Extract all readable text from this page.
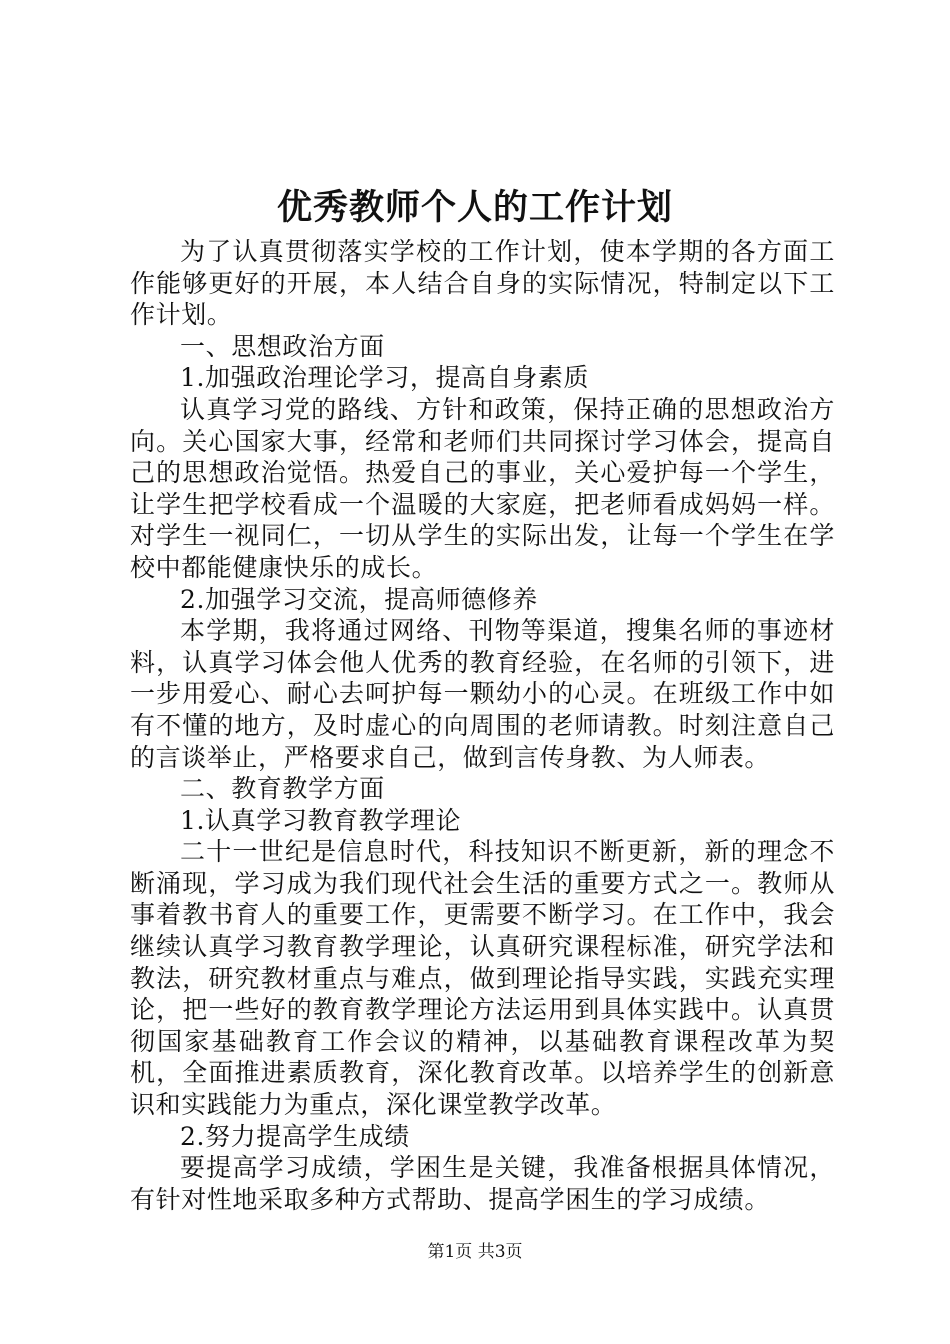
优秀教师个人的工作计划

为了认真贯彻落实学校的工作计划，使本学期的各方面工作能够更好的开展，本人结合自身的实际情况，特制定以下工作计划。

一、思想政治方面

1.加强政治理论学习，提高自身素质

认真学习党的路线、方针和政策，保持正确的思想政治方向。关心国家大事，经常和老师们共同探讨学习体会，提高自己的思想政治觉悟。热爱自己的事业，关心爱护每一个学生，让学生把学校看成一个温暖的大家庭，把老师看成妈妈一样。对学生一视同仁，一切从学生的实际出发，让每一个学生在学校中都能健康快乐的成长。

2.加强学习交流，提高师德修养

本学期，我将通过网络、刊物等渠道，搜集名师的事迹材料，认真学习体会他人优秀的教育经验，在名师的引领下，进一步用爱心、耐心去呵护每一颗幼小的心灵。在班级工作中如有不懂的地方，及时虚心的向周围的老师请教。时刻注意自己的言谈举止，严格要求自己，做到言传身教、为人师表。

二、教育教学方面

1.认真学习教育教学理论

二十一世纪是信息时代，科技知识不断更新，新的理念不断涌现，学习成为我们现代社会生活的重要方式之一。教师从事着教书育人的重要工作，更需要不断学习。在工作中，我会继续认真学习教育教学理论，认真研究课程标准，研究学法和教法，研究教材重点与难点，做到理论指导实践，实践充实理论，把一些好的教育教学理论方法运用到具体实践中。认真贯彻国家基础教育工作会议的精神，以基础教育课程改革为契机，全面推进素质教育，深化教育改革。以培养学生的创新意识和实践能力为重点，深化课堂教学改革。

2.努力提高学生成绩

要提高学习成绩，学困生是关键，我准备根据具体情况，有针对性地采取多种方式帮助、提高学困生的学习成绩。

第1页 共3页
